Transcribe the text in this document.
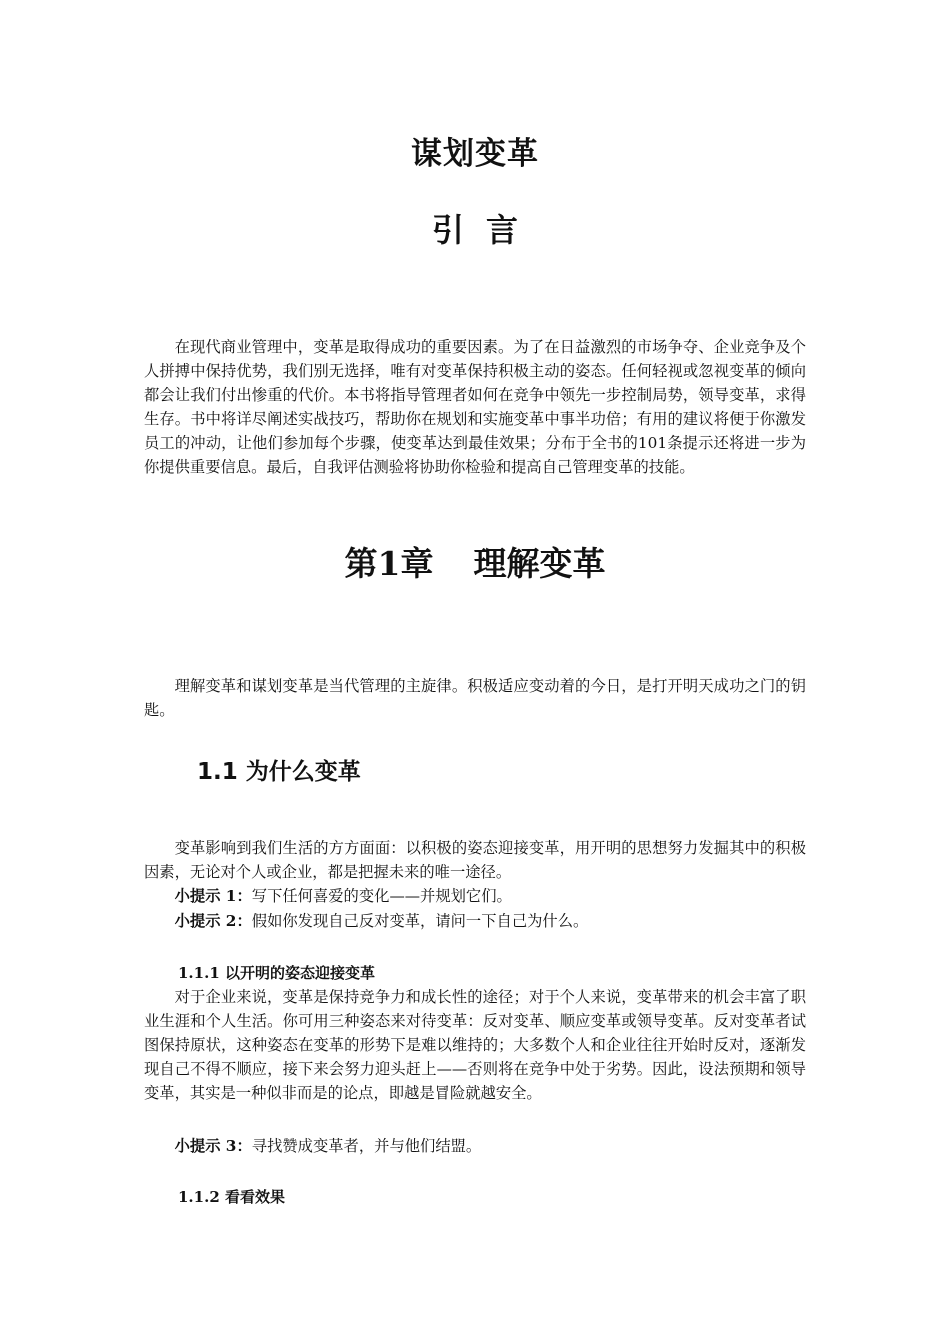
谋划变革
引言

在现代商业管理中，变革是取得成功的重要因素。为了在日益激烈的市场争夺、企业竞争及个人拼搏中保持优势，我们别无选择，唯有对变革保持积极主动的姿态。任何轻视或忽视变革的倾向都会让我们付出惨重的代价。本书将指导管理者如何在竞争中领先一步控制局势，领导变革，求得生存。书中将详尽阐述实战技巧，帮助你在规划和实施变革中事半功倍；有用的建议将便于你激发员工的冲动，让他们参加每个步骤，使变革达到最佳效果；分布于全书的101条提示还将进一步为你提供重要信息。最后，自我评估测验将协助你检验和提高自己管理变革的技能。

第1章 理解变革

理解变革和谋划变革是当代管理的主旋律。积极适应变动着的今日，是打开明天成功之门的钥匙。

1.1 为什么变革

变革影响到我们生活的方方面面：以积极的姿态迎接变革，用开明的思想努力发掘其中的积极因素，无论对个人或企业，都是把握未来的唯一途径。

小提示 1：写下任何喜爱的变化——并规划它们。

小提示 2：假如你发现自己反对变革，请问一下自己为什么。

1.1.1 以开明的姿态迎接变革

对于企业来说，变革是保持竞争力和成长性的途径；对于个人来说，变革带来的机会丰富了职业生涯和个人生活。你可用三种姿态来对待变革：反对变革、顺应变革或领导变革。反对变革者试图保持原状，这种姿态在变革的形势下是难以维持的；大多数个人和企业往往开始时反对，逐渐发现自己不得不顺应，接下来会努力迎头赶上——否则将在竞争中处于劣势。因此，设法预期和领导变革，其实是一种似非而是的论点，即越是冒险就越安全。

小提示 3：寻找赞成变革者，并与他们结盟。

1.1.2 看看效果
